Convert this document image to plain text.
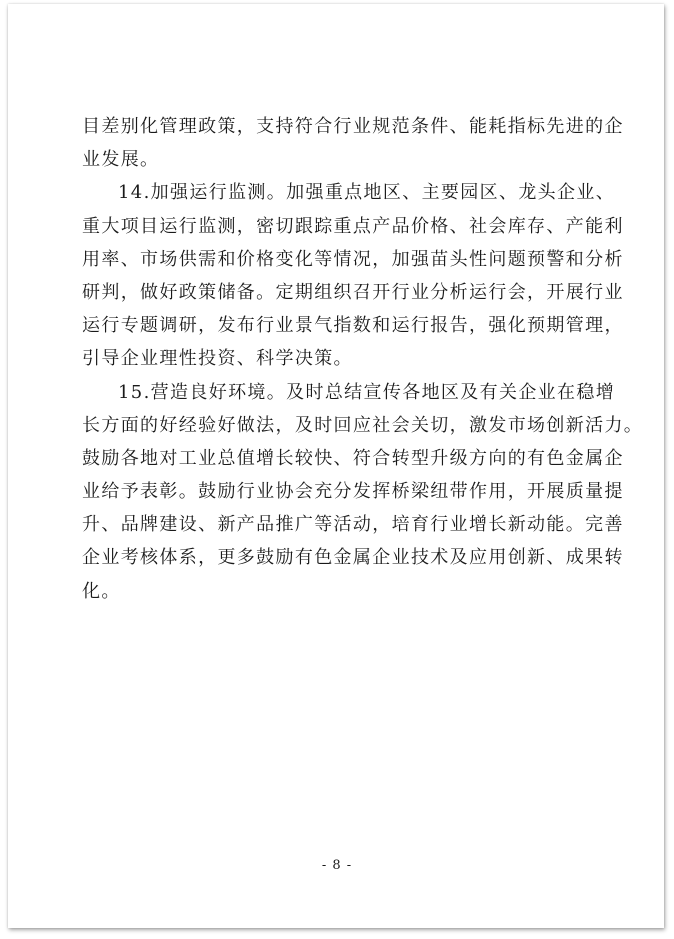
目差别化管理政策，支持符合行业规范条件、能耗指标先进的企
业发展。
14.加强运行监测。加强重点地区、主要园区、龙头企业、
重大项目运行监测，密切跟踪重点产品价格、社会库存、产能利
用率、市场供需和价格变化等情况，加强苗头性问题预警和分析
研判，做好政策储备。定期组织召开行业分析运行会，开展行业
运行专题调研，发布行业景气指数和运行报告，强化预期管理，
引导企业理性投资、科学决策。
15.营造良好环境。及时总结宣传各地区及有关企业在稳增
长方面的好经验好做法，及时回应社会关切，激发市场创新活力。
鼓励各地对工业总值增长较快、符合转型升级方向的有色金属企
业给予表彰。鼓励行业协会充分发挥桥梁纽带作用，开展质量提
升、品牌建设、新产品推广等活动，培育行业增长新动能。完善
企业考核体系，更多鼓励有色金属企业技术及应用创新、成果转
化。
- 8 -
